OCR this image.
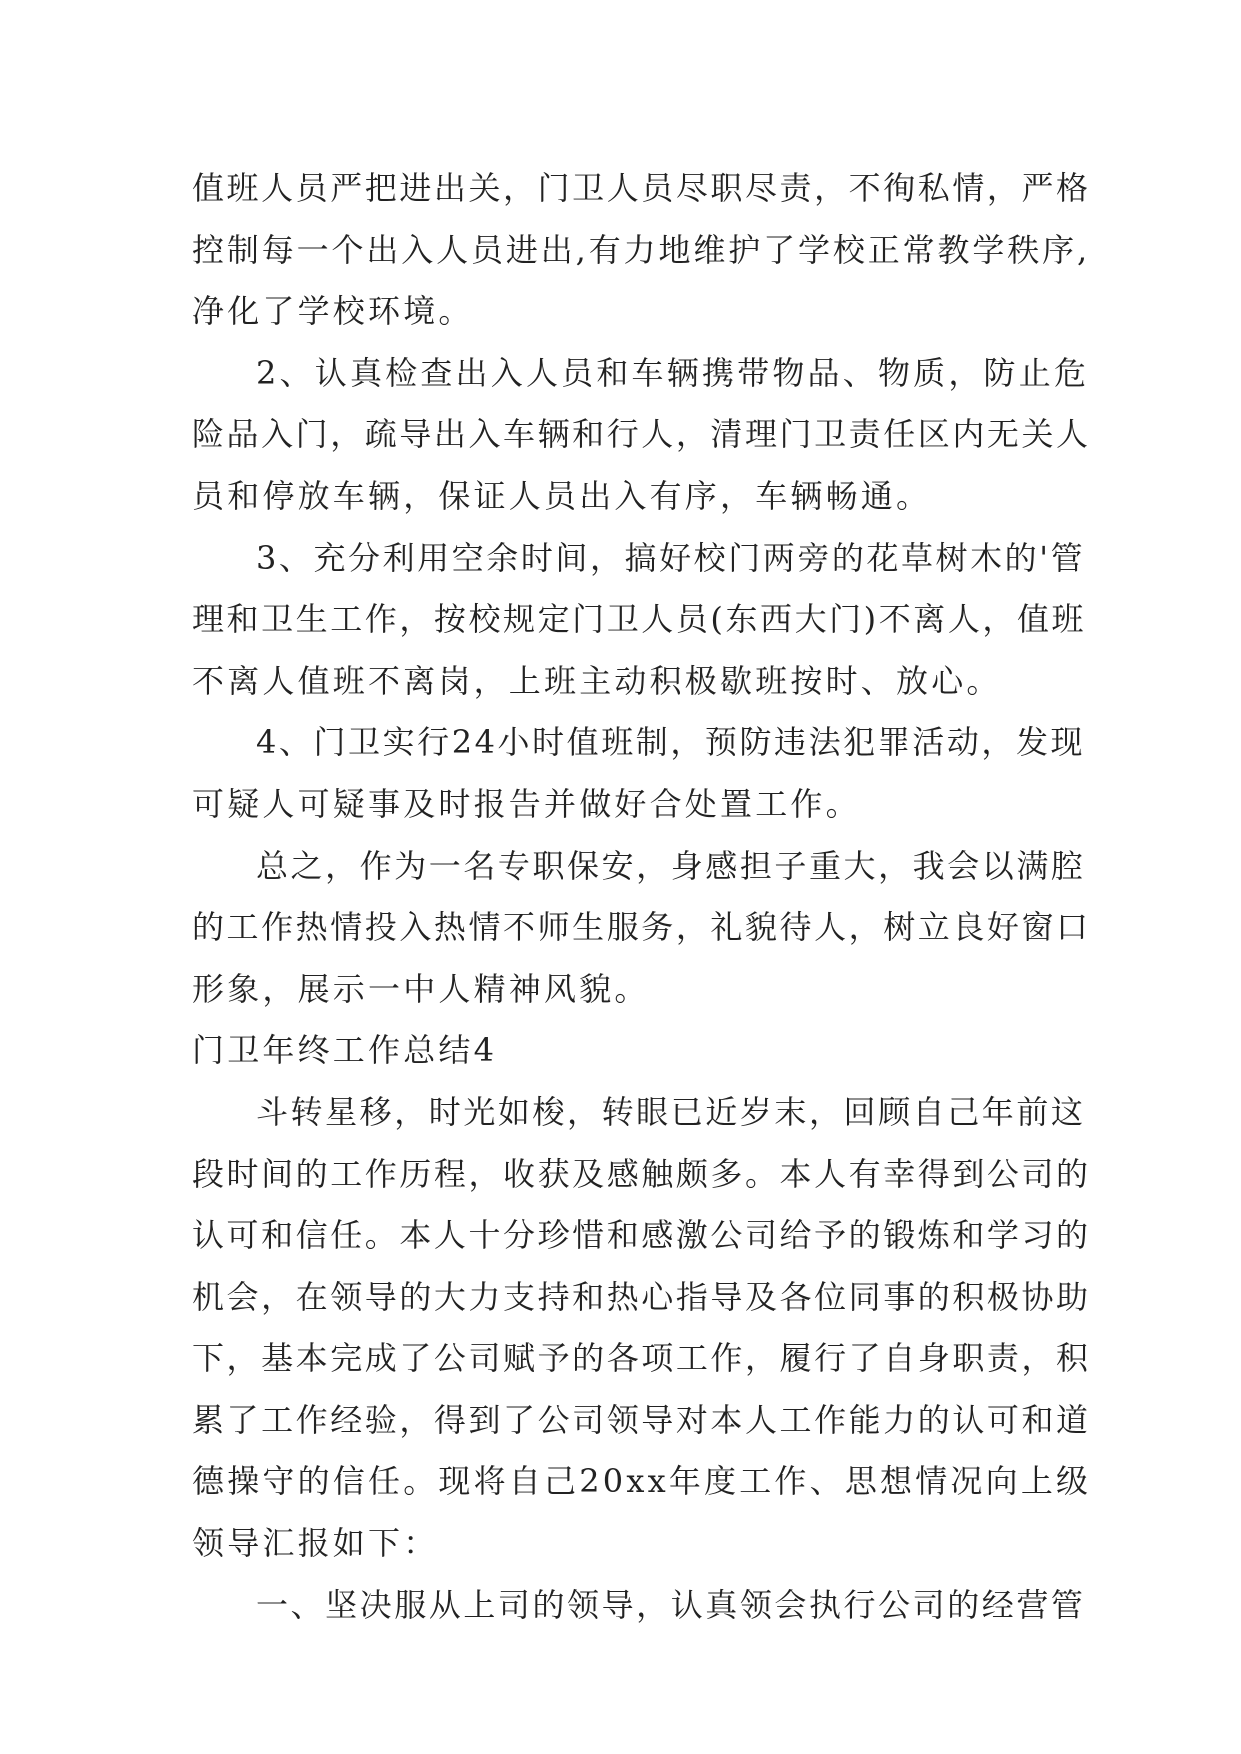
值班人员严把进出关，门卫人员尽职尽责，不徇私情，严格
控制每一个出入人员进出,有力地维护了学校正常教学秩序,
净化了学校环境。
2、认真检查出入人员和车辆携带物品、物质，防止危
险品入门，疏导出入车辆和行人，清理门卫责任区内无关人
员和停放车辆，保证人员出入有序，车辆畅通。
3、充分利用空余时间，搞好校门两旁的花草树木的'管
理和卫生工作，按校规定门卫人员(东西大门)不离人，值班
不离人值班不离岗，上班主动积极歇班按时、放心。
4、门卫实行24小时值班制，预防违法犯罪活动，发现
可疑人可疑事及时报告并做好合处置工作。
总之，作为一名专职保安，身感担子重大，我会以满腔
的工作热情投入热情不师生服务，礼貌待人，树立良好窗口
形象，展示一中人精神风貌。
门卫年终工作总结4
斗转星移，时光如梭，转眼已近岁末，回顾自己年前这
段时间的工作历程，收获及感触颇多。本人有幸得到公司的
认可和信任。本人十分珍惜和感激公司给予的锻炼和学习的
机会，在领导的大力支持和热心指导及各位同事的积极协助
下，基本完成了公司赋予的各项工作，履行了自身职责，积
累了工作经验，得到了公司领导对本人工作能力的认可和道
德操守的信任。现将自己20xx年度工作、思想情况向上级
领导汇报如下：
一、坚决服从上司的领导，认真领会执行公司的经营管
